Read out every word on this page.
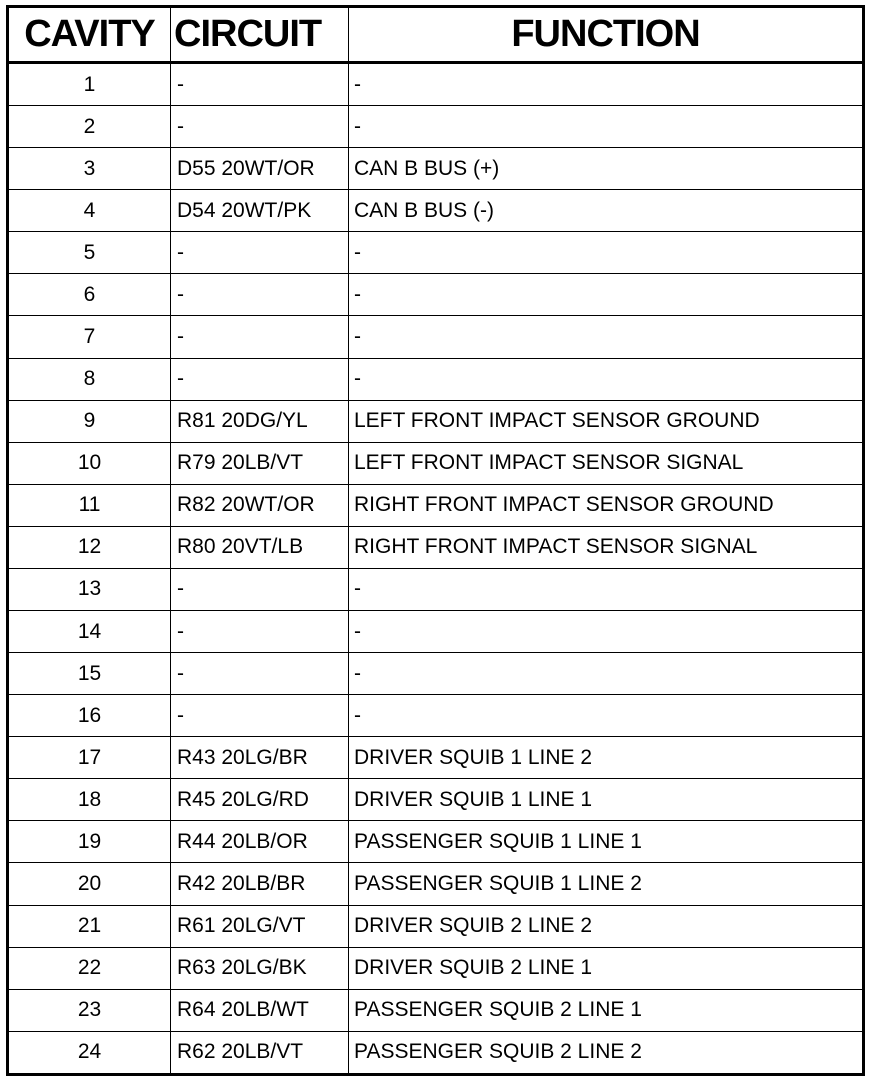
CAVITY	CIRCUIT	FUNCTION
1	-	-
2	-	-
3	D55 20WT/OR	CAN B BUS (+)
4	D54 20WT/PK	CAN B BUS (-)
5	-	-
6	-	-
7	-	-
8	-	-
9	R81 20DG/YL	LEFT FRONT IMPACT SENSOR GROUND
10	R79 20LB/VT	LEFT FRONT IMPACT SENSOR SIGNAL
11	R82 20WT/OR	RIGHT FRONT IMPACT SENSOR GROUND
12	R80 20VT/LB	RIGHT FRONT IMPACT SENSOR SIGNAL
13	-	-
14	-	-
15	-	-
16	-	-
17	R43 20LG/BR	DRIVER SQUIB 1 LINE 2
18	R45 20LG/RD	DRIVER SQUIB 1 LINE 1
19	R44 20LB/OR	PASSENGER SQUIB 1 LINE 1
20	R42 20LB/BR	PASSENGER SQUIB 1 LINE 2
21	R61 20LG/VT	DRIVER SQUIB 2 LINE 2
22	R63 20LG/BK	DRIVER SQUIB 2 LINE 1
23	R64 20LB/WT	PASSENGER SQUIB 2 LINE 1
24	R62 20LB/VT	PASSENGER SQUIB 2 LINE 2
